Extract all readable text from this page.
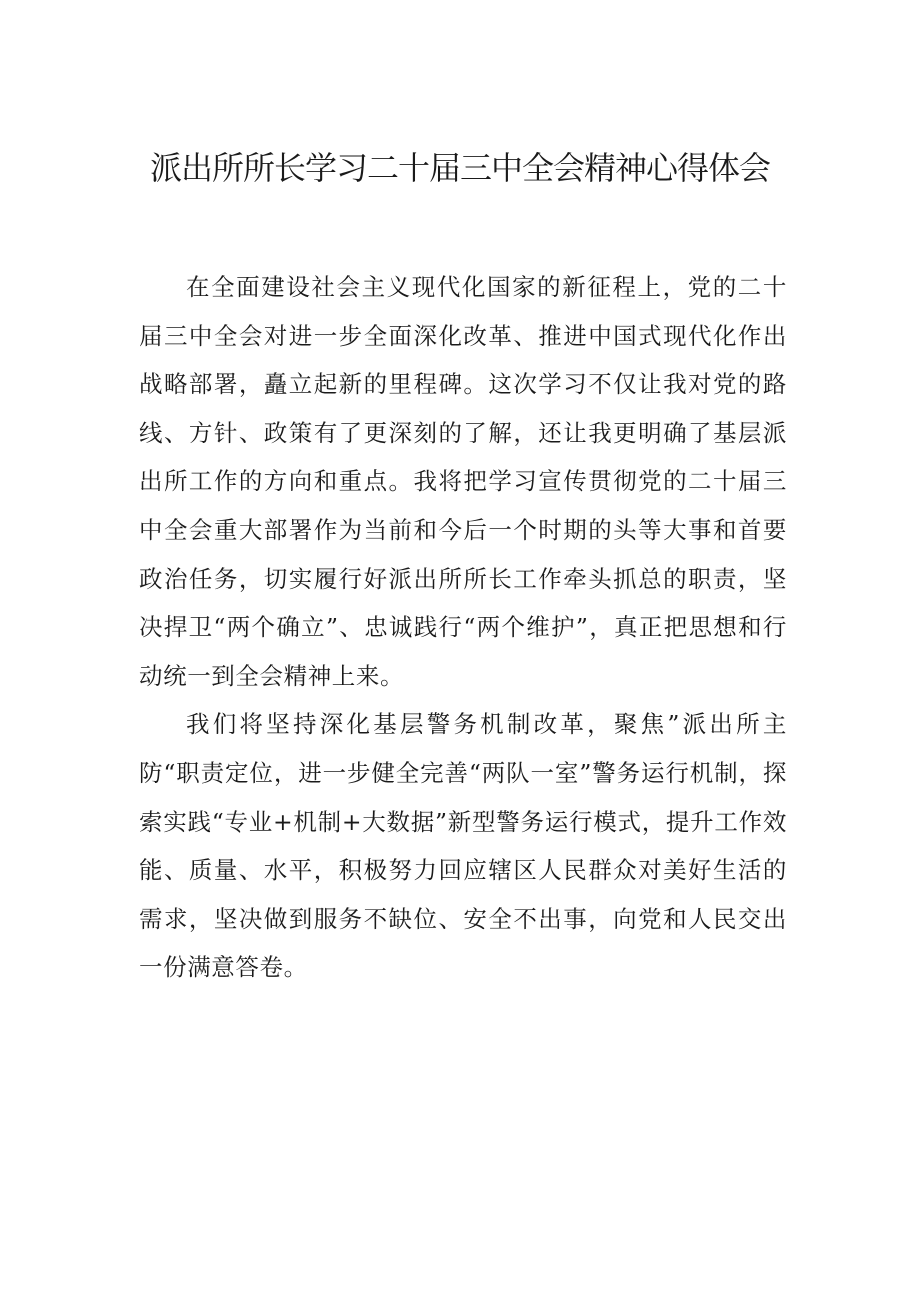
派出所所长学习二十届三中全会精神心得体会

在全面建设社会主义现代化国家的新征程上，党的二十届三中全会对进一步全面深化改革、推进中国式现代化作出战略部署，矗立起新的里程碑。这次学习不仅让我对党的路线、方针、政策有了更深刻的了解，还让我更明确了基层派出所工作的方向和重点。我将把学习宣传贯彻党的二十届三中全会重大部署作为当前和今后一个时期的头等大事和首要政治任务，切实履行好派出所所长工作牵头抓总的职责，坚决捍卫“两个确立”、忠诚践行“两个维护”，真正把思想和行动统一到全会精神上来。

我们将坚持深化基层警务机制改革，聚焦”派出所主防“职责定位，进一步健全完善“两队一室”警务运行机制，探索实践“专业+机制+大数据”新型警务运行模式，提升工作效能、质量、水平，积极努力回应辖区人民群众对美好生活的需求，坚决做到服务不缺位、安全不出事，向党和人民交出一份满意答卷。
